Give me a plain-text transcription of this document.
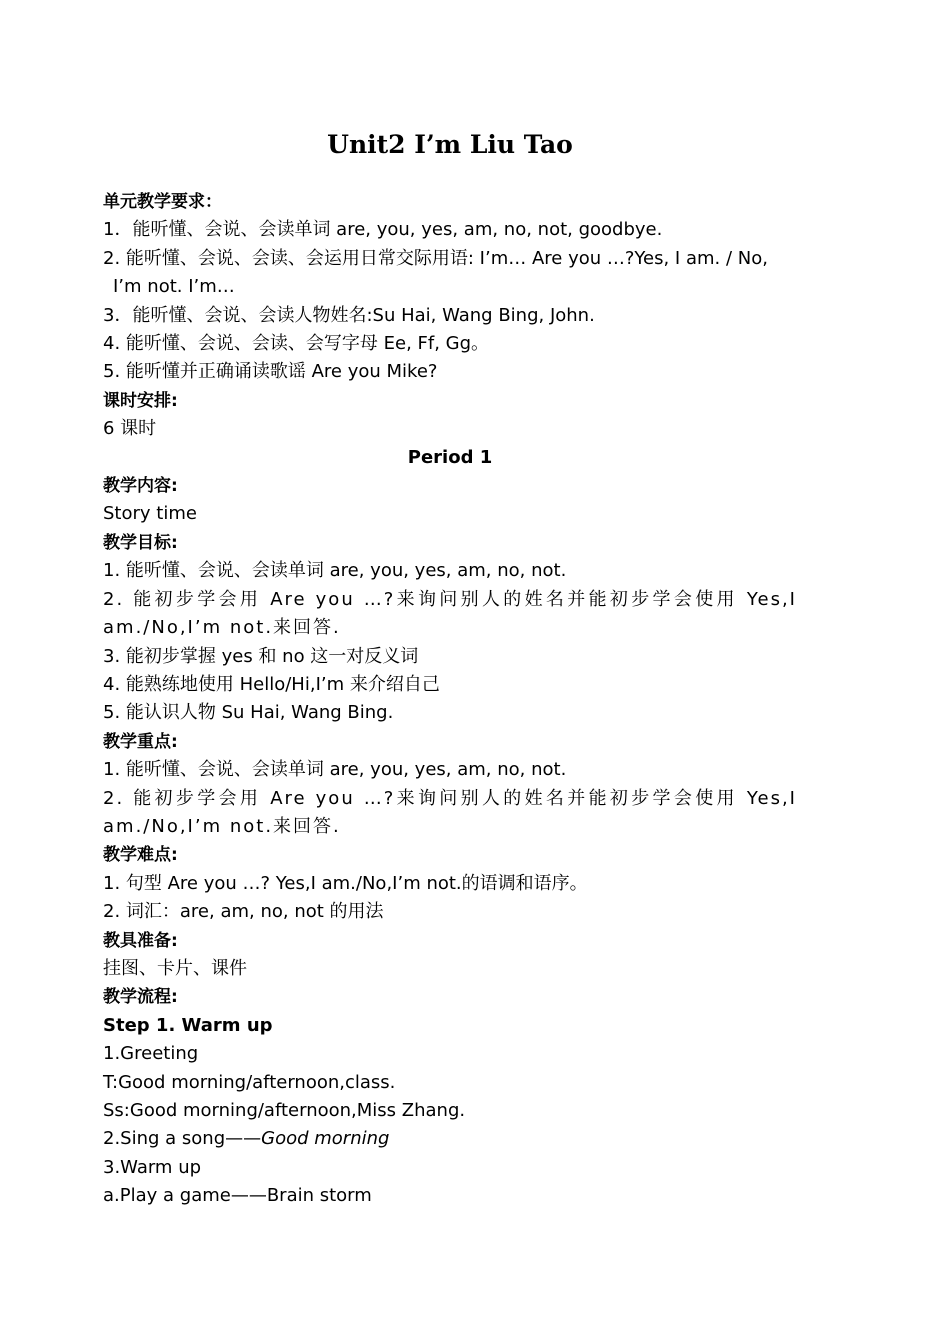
Unit2 I’m Liu Tao
单元教学要求：
1．能听懂、会说、会读单词 are, you, yes, am, no, not, goodbye.
2. 能听懂、会说、会读、会运用日常交际用语: I’m… Are you …?Yes, I am. / No,
I’m not. I’m…
3．能听懂、会说、会读人物姓名:Su Hai, Wang Bing, John.
4. 能听懂、会说、会读、会写字母 Ee, Ff, Gg。
5. 能听懂并正确诵读歌谣 Are you Mike?
课时安排:
6 课时
Period 1
教学内容:
Story time
教学目标:
1. 能听懂、会说、会读单词 are, you, yes, am, no, not.
2. 能初步学会用 Are you …?来询问别人的姓名并能初步学会使用 Yes,I am./No,I’m not.来回答.
3. 能初步掌握 yes 和 no 这一对反义词
4. 能熟练地使用 Hello/Hi,I’m 来介绍自己
5. 能认识人物 Su Hai, Wang Bing.
教学重点:
1. 能听懂、会说、会读单词 are, you, yes, am, no, not.
2. 能初步学会用 Are you …?来询问别人的姓名并能初步学会使用 Yes,I am./No,I’m not.来回答.
教学难点:
1. 句型 Are you …? Yes,I am./No,I’m not.的语调和语序。
2. 词汇：are, am, no, not 的用法
教具准备:
挂图、卡片、课件
教学流程:
Step 1. Warm up
1.Greeting
T:Good morning/afternoon,class.
Ss:Good morning/afternoon,Miss Zhang.
2.Sing a song——Good morning
3.Warm up
a.Play a game——Brain storm
